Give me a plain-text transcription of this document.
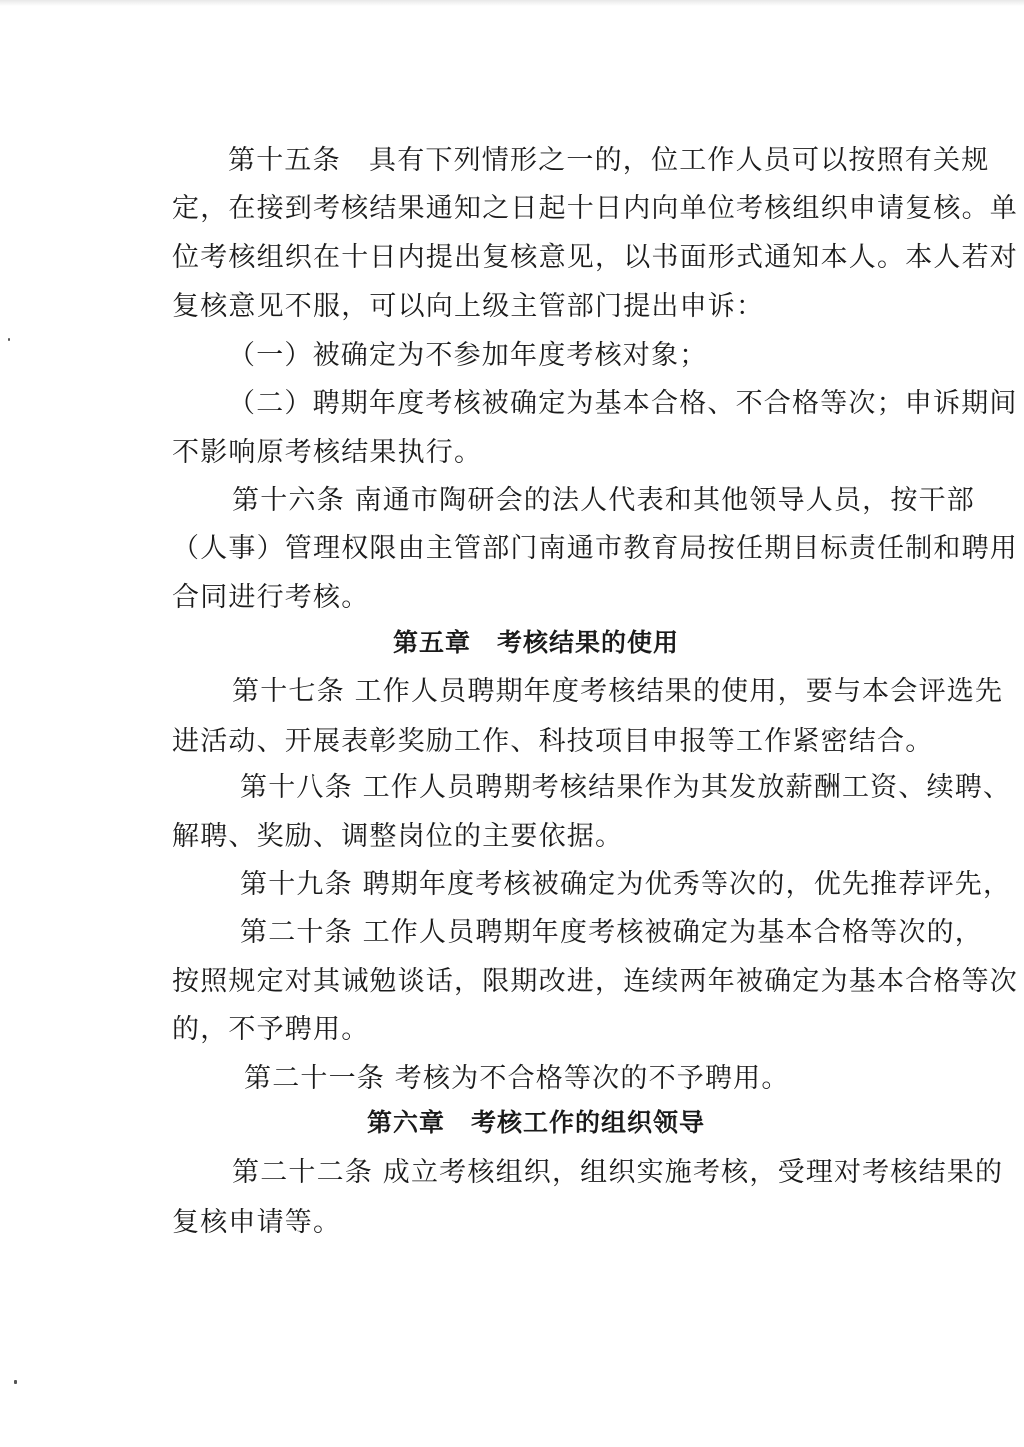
第十五条　具有下列情形之一的，位工作人员可以按照有关规
定，在接到考核结果通知之日起十日内向单位考核组织申请复核。单
位考核组织在十日内提出复核意见，以书面形式通知本人。本人若对
复核意见不服，可以向上级主管部门提出申诉：
（一）被确定为不参加年度考核对象；
（二）聘期年度考核被确定为基本合格、不合格等次；申诉期间
不影响原考核结果执行。
第十六条 南通市陶研会的法人代表和其他领导人员，按干部
（人事）管理权限由主管部门南通市教育局按任期目标责任制和聘用
合同进行考核。
第五章　考核结果的使用
第十七条 工作人员聘期年度考核结果的使用，要与本会评选先
进活动、开展表彰奖励工作、科技项目申报等工作紧密结合。
第十八条 工作人员聘期考核结果作为其发放薪酬工资、续聘、
解聘、奖励、调整岗位的主要依据。
第十九条 聘期年度考核被确定为优秀等次的，优先推荐评先，
第二十条 工作人员聘期年度考核被确定为基本合格等次的，
按照规定对其诫勉谈话，限期改进，连续两年被确定为基本合格等次
的，不予聘用。
第二十一条 考核为不合格等次的不予聘用。
第六章　考核工作的组织领导
第二十二条 成立考核组织，组织实施考核，受理对考核结果的
复核申请等。
